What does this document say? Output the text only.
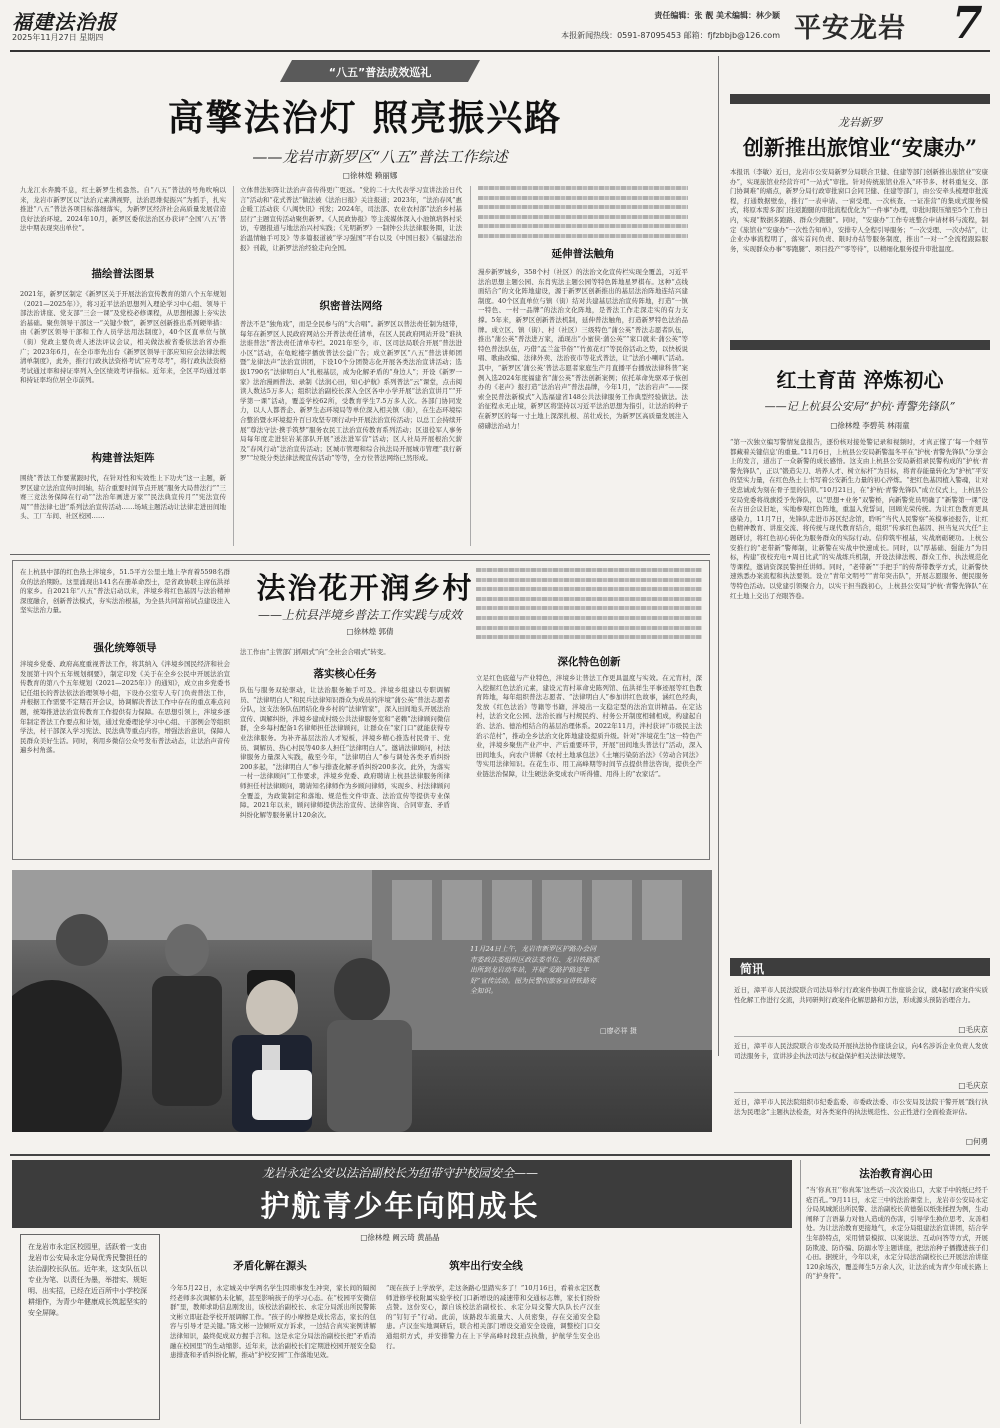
福建法治报
2025年11月27日 星期四
责任编辑：张 靓 美术编辑：林少颖
本报新闻热线：0591-87095453 邮箱：fjfzbbjb@126.com 平安龙岩 7
“八五”普法成效巡礼
高擎法治灯 照亮振兴路
——龙岩市新罗区“八五”普法工作综述
□徐林煌 赖丽娜
九龙江水奔腾不息，红土新罗生机盎然。自“八五”普法的号角吹响以来，龙岩市新罗区以“法治元素满视野，法治思维促振兴”为抓手，扎实推进“八五”普法各项目标落细落实，为新罗区经济社会高质量发展营造良好法治环境。2024年10月，新罗区委依法治区办获评“全国‘八五’普法中期表现突出单位”。
描绘普法图景
2021年，新罗区制定《新罗区关于开展法治宣传教育的第八个五年规划（2021—2025年）》，将习近平法治思想列入理论学习中心组、领导干部法治讲座、党支部“三会一课”及党校必修课程，从思想根源上夯实法治基础。聚焦领导干部这一“关键少数”，新罗区创新推出系列硬举措：由《新罗区领导干部和工作人员学法用法制度》，40个区直单位与镇（街）党政主要负责人述法评议会议，相关做法被省委依法治省办推广；2023年6月，在全市率先出台《新罗区领导干部应知应会法律法规清单制度》，此外，推行行政执法资格考试“应考尽考”，将行政执法资格考试通过率和持证率列入全区绩效考评指标。近年来，全区平均通过率和持证率均位居全市前列。
构建普法矩阵
围绕“普法工作要紧跟时代，在针对性和实效性上下功夫”这一主题，新罗区建立法治宣传时间轴，结合重要时间节点开展“服务大局普法行”“三赛三竞法务保障在行动”“法治年画进万家”“民法典宣传月”“宪法宣传周”“普法律七进”系列法治宣传活动……场域主题活动让法律走进田间地头、工厂车间、社区校园……
立体普法矩阵让法治声音传得更广更远。“党的二十大代表学习宣讲法治日代言”活动和“花式普法”做法被《法治日报》关注报道；2023年，“法治春风”惠企暖工活动获《八闽快讯》刊发；2024年，司法部、农业农村部“法治乡村基层行”主题宣传活动聚焦新罗。《人民政协报》等主流媒体深入小池镇培斜村采访，专题报道与地法治兴村实践；《光明新罗》一制钟公共法律服务圈，让法治温情触手可及》等多篇报道被“学习强国”平台以及《中国日报》《福建法治报》刊载，让新罗法治经验走向全国。
织密普法网络
普法不是“独角戏”，而是全民参与的“大合唱”。新罗区以普法责任制为纽带，每年在新罗区人民政府网站公开普法责任清单，在区人民政府网站开设“谁执法谁普法”普法责任清单专栏。2021年至今，市、区司法局联合开展“普法进小区”活动，在龟蛇楼宇播放普法公益广告；成立新罗区“八五”普法讲师团暨“龙律法声”法治宣讲团，下设10个分团赞志化开展各类法治宣讲活动；选拔1790名“法律明白人”扎根基层，成为化解矛盾的“身边人”；开设《新罗一家》法治漫画普法、录制《法润心田，知心护航》系列普法“云”课堂，点击阅读人数达5万多人；组织法治副校长深入全区各中小学开展“法治宣讲月”“开学第一课”活动，覆盖学校62所，受教育学生7.5万多人次。各部门协同发力，以人人都普企、新罗生态环境局等单位深入相关镇（街），在生态环境综合整治暨水环境提升百日攻坚专项行动中开展法治宣传活动；以总工会持续开展“尊法守法·携手筑梦”服务农民工法治宣传教育系列活动；区退役军人事务局每年度走进驻岩某部队开展“送法进军营”活动；区人社局开展根治欠薪及“春风行动”法治宣传活动；区城市管理和综合执法局开展城市管理“我行新罗”“垃圾分类法律法规宣传活动”等等，全方位普法网络已然形成。
延伸普法触角
漫步新罗城乡，358个村（社区）的法治文化宣传栏实现全覆盖，习近平法治思想主题公园、东肖宪法主题公园等特色阵地星罗棋布。这种“点线面结合”的文化阵地建设，源于新罗区创新推出的基层法治阵地连结兴建制度。40个区直单位与镇（街）结对共建基层法治宣传阵地，打造“一镇一特色、一村一品牌”的法治文化阵地，是普法工作走深走实的有力支撑。5年来，新罗区创新普法机制，延伸普法触角，打造新罗特色法治品牌。成立区、镇（街）、村（社区）三级特色“蒲公英”普法志愿者队伍，推出“蒲公英”普法进万家，涌现出“小蜜侠·蒲公英”“家口就来·蒲公英”等特色普法队伍，巧借“孟兰盆节俗”“竹蕉花灯”等民俗活动之势，以快板说唱、歌曲改编、法律外卖、法治夜市等花式普法，让“法治小喇叭”活动。其中，“新罗区‘蒲公英’普法志愿者家庭生产月直播平台播放法律科普”案例入选2024年度福建省“蒲公英”普法创新案例；依托革命先驱邓子恢创办的《老声》报打造“法治岩声”普法品牌，今年1月，“法治岩声”——探索全民普法新模式”入选福建省148公共法律服务工作典型经验做法。法治征程永无止境，新罗区将坚持以习近平法治思想为指引，让法治的种子在新罗区的每一寸土地上深深扎根、茁壮成长，为新罗区高质量发展注入磅礴法治动力！
龙岩新罗
创新推出旅馆业“安康办”
本报讯（李敏）近日，龙岩市公安局新罗分局联合卫健、住建等部门创新推出旅馆业“安康办”，实现旅馆业经营许可“一站式”审批。针对传统旅馆业准入“环节多、材料重复交、部门协调难”的痛点，新罗分局行政审批窗口会同卫健、住建等部门，由公安牵头梳理审批流程，打通数据壁垒，推行“一表申请、一窗受理、一次核查、一证准营”的集成式服务模式，将原本需多部门往返跑腿的审批流程优化为“一件事”办理，审批时限压缩至5个工作日内，实现“数据多跑路、群众少跑腿”。同时，“安康办”工作专班整合申请材料与流程，制定《旅馆业“安康办”一次性告知单》，安排专人全程引导服务；“一次受理、一次办结”，让企业办事流程明了，落实首问负责、限时办结等服务制度，推出“一对一”全流程跟踪服务，实现群众办事“零跑腿”、项目投产“零等待”，以精细化服务提升审批温度。
红土育苗 淬炼初心
——记上杭县公安局“护杭·青警先锋队”
□徐林煌 李碧英 林雨童
“第一次独立编写警情复盘报告，逐份核对接处警记录和视频时，才真正懂了‘每一个细节都藏着关键信息’的重量。”11月6日，上杭县公安局新警温冬平在“护杭·青警先锋队”分享会上的发言，道出了一众新警的成长感悟。这支由上杭县公安局新招录民警构成的“护杭·青警先锋队”，正以“锻造尖刀、培养人才、树立标杆”为目标，将青春能量转化为“护杭”平安的坚实力量，在红色热土上书写着公安新生力量的初心淬炼。“把红色基因植入警魂，让对党忠诚成为刻在骨子里的信仰。”10月21日，在“护杭·青警先锋队”成立仪式上，上杭县公安局党委将战旗授予先锋队，以“思想+业务”双警桥，向新警党员明确了“新警第一课”设在古田会议旧址，实地参观红色阵地，重温入党誓词，回顾光荣传统。为让红色教育更具感染力，11月7日，先锋队走进市苏区纪念馆，聆听“当代人民警察”英模事迹报告，让红色精神教育、讲座交流、将传统与现代教育结合，组织“传承红色基因、担当复兴大任”主题研讨，将红色初心转化为服务群众的实际行动。信仰筑牢根基，实战磨砺硬功。上杭公安推行的“老带新”警师制，让新警在实战中快速成长。同时，以“厚基础、强能力”为目标，构建“夜校充电+周日比武”的实战练兵机制，开设法律法规、群众工作、执法规范化等课程，邀请资深民警担任讲师。同时，“老带新”“手把手”的传帮带教学方式，让新警快速熟悉办案流程和执法要领。设立“青年文明号”“青年突击队”，开展志愿服务、便民服务等特色活动。以党建引领聚合力，以实干担当践初心，上杭县公安局“护杭·青警先锋队”在红土地上交出了亮眼答卷。
在上杭县中部的红色热土泮境乡，51.5平方公里土地上孕育着5598名群众的法治期盼。这里涌现出141名在册革命烈士，是省政协联主席伍洪祥的家乡。自2021年“八五”普法启动以来，泮境乡将红色基因与法治精神深度融合，创新普法模式，夯实法治根基，为全县共同富裕试点建设注入坚实法治力量。
法治花开润乡村
——上杭县泮境乡普法工作实践与成效
□徐林煌 郭倩
强化统筹领导
泮境乡党委、政府高度重视普法工作，将其纳入《泮境乡国民经济和社会发展第十四个五年规划纲要》，制定印发《关于在全乡公民中开展法治宣传教育的第八个五年规划（2021—2025年）》的通知》，成立由乡党委书记任组长的普法依法治理领导小组，下设办公室专人专门负责普法工作，并根据工作需要不定期召开会议，协调解决普法工作中存在的重点难点问题，统筹推进法治宣传教育工作提供有力保障。在思想引领上，泮境乡逐年制定普法工作要点和计划，通过党委理论学习中心组、干部例会等组织学法，村干部深入学习宪法、民法典等重点内容，增强法治意识，保障人民群众美好生活。同时，利用乡微信公众号发布普法动态，让法治声音传遍乡村角落。
法工作由“主管部门抓唱式”向“全社会合唱式”转变。
落实核心任务
队伍与服务双轮驱动，让法治服务触手可及。泮境乡组建以专职调解员、“法律明白人”和民兵法律知识群众为成员的泮境“蒲公英”普法志愿者分队，这支法务队伍团结化身乡村的“法律管家”，深入田间地头开展法治宣传、调解纠纷，泮境乡建成村级公共法律服务室和“老赖”法律顾问微信群，全乡每村配备1名律师担任法律顾问，让群众在“家门口”就能获得专业法律服务。为补齐基层法治人才短板，泮境乡精心推选村民骨干、党员、调解员、热心村民等40多人担任“法律明白人”。邀请法律顾问，村法律服务力量深入实践，截至今年，“法律明白人”参与调处各类矛盾纠纷200多起，“法律明白人”参与排查化解矛盾纠纷200多次。此外，为落实一村一法律顾问“工作要求，泮境乡党委、政府聘请上杭县法律服务所律师担任村法律顾问，聘请知名律师作为乡顾问律师，实现乡、村法律顾问全覆盖，为政策制定和落地、规范性文件审查、法治宣传等提供专业保障。2021年以来，顾问律师提供法治宣传、法律咨询、合同审查、矛盾纠纷化解等服务累计120余次。
深化特色创新
立足红色底蕴与产业特色，泮境乡让普法工作更具温度与实效。在元宵村，深入挖掘红色法治元素，建设元宵村革命史陈列馆、伍洪祥生平事迹展等红色教育阵地，每年组织普法志愿者、“法律明白人”参加讲红色故事，涵红色经典，发放《红色法治》等籍等书籍，泮境出一支稳定型的法治宣讲精品。在定达村，法治文化公园、法治长廊与村规民约、村务公开制度相辅相成，构建起自治、法治、德治相结合的基层治理体系。2022年11月，泮村获评“市级民主法治示范村”，推动全乡法治文化阵地建设提质升级。针对“泮境花生”这一特色产业，泮境乡聚焦产业产中、产后重要环节，开展“田间地头普法行”活动，深入田间地头，向农户讲解《农村土地承包法》《土壤污染防治法》《劳动合同法》等实用法律知识。在花生市、用工高峰期等时间节点提供普法咨询，提供全产业链法治保障，让生硬法条变成农户听得懂、用得上的“农家话”。
11月24日上午，龙岩市新罗区护路办会同市委政法委组织区政法委单位、龙岩铁路派出所到龙岩动车站，开展“爱路护路连年好”宣传活动。图为民警向旅客宣讲铁路安全知识。
□廖必祥 摄
简讯
近日，漳平市人民法院联合司法局举行行政案件协调工作座谈会议，就4起行政案件实质性化解工作进行交流，共同研判行政案件化解思路和方法，形成源头预防治理合力。
□毛庆京
近日，漳平市人民法院联合市发改局开展执法协作座谈会议，向4名涉诉企业负责人发放司法服务卡，宣讲涉企执法司法与权益保护相关法律法规等。
□毛庆京
近日，漳平市人民法院组织市纪委监委、市委政法委、市公安局及法院干警开展“践行执法为民理念”主题执法检查，对各类案件的执法规范性、公正性进行全面检查评估。
□何勇
龙岩永定公安以法治副校长为纽带守护校园安全——
护航青少年向阳成长
□徐林煌 阙云琦 黄晶晶
在龙岩市永定区校园里，活跃着一支由龙岩市公安局永定分局优秀民警担任的法治副校长队伍。近年来，这支队伍以专业为笔、以责任为墨，举措实、规矩明、出实招，已经在近百所中小学校深耕细作，为青少年健康成长筑起坚实的安全屏障。
矛盾化解在源头
今年5月22日，永定城关中学两名学生因琐事发生冲突，家长间的隔阂经老师多次调解仍未化解，甚至影响孩子的学习心态。在“校园平安微信群”里，教师求助信息刚发出，该校法治副校长、永定分局派出所民警陈文彬立即赶赴学校开展调解工作。“孩子的小摩擦是成长常态，家长的包容与引导才是关键。”陈文彬一边倾听双方诉求，一边结合真实案例讲解法律知识，最终促成双方握手言和。这是永定分局法治副校长把“矛盾消融在校园里”的生动缩影。近年来，法治副校长们定期进校园开展安全隐患排查和矛盾纠纷化解，推动“护校安园”工作落地见效。
筑牢出行安全线
“现在孩子上学放学，走这条路心里踏实多了！”10月16日，看着永定区教师进修学校附属实验学校门口新增设的减速带和交通标志牌，家长们纷纷点赞。这份安心，源自该校法治副校长、永定分局交警大队队长卢汉奎的“钉钉子”行动。此前，该路段车流量大、人员密集，存在交通安全隐患。卢汉奎实地调研后，联合相关部门增设交通安全设施，调整校门口交通组织方式，并安排警力在上下学高峰时段驻点执勤，护航学生安全出行。
法治教育润心田
“当‘你真丑’‘你真笨’这些话一次次说出口，大家手中的纸已经千疮百孔。”9月11日，永定三中的法治课堂上，龙岩市公安局永定分局凤城派出所民警、法治副校长黄德强以纸张揉捏为例，生动阐释了言语暴力对他人造成的伤害，引导学生换位思考、友善相处。为让法治教育更接地气，永定分局组建法治宣讲团，结合学生年龄特点，采用情景模拟、以案说法、互动问答等方式，开展防欺凌、防诈骗、防溺水等主题讲座，把法治种子播撒进孩子们心田。据统计，今年以来，永定分局法治副校长已开展法治讲座120余场次，覆盖师生5万余人次，让法治成为青少年成长路上的“护身符”。
